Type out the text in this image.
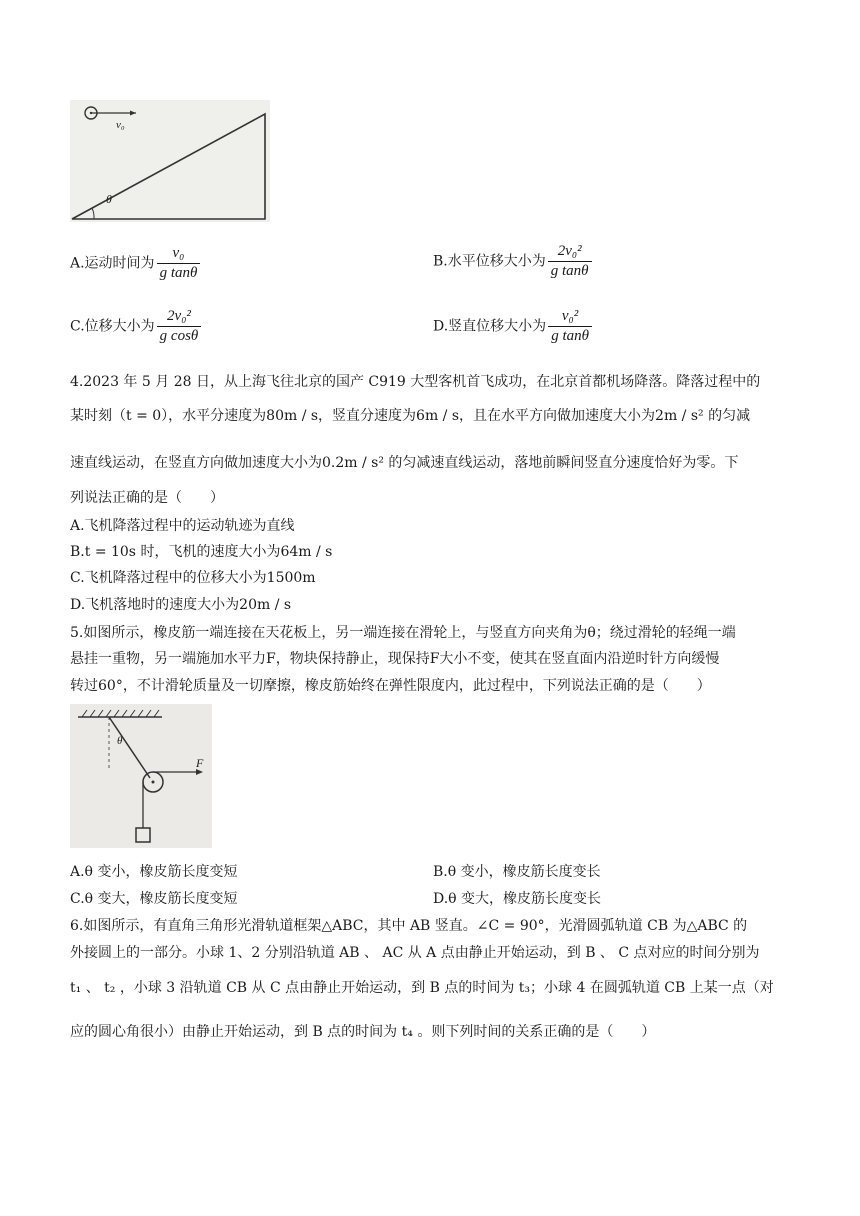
v₀
θ
A.运动时间为 $\frac{\text{v₀}}{\text{g tanθ}}$	B.水平位移大小为 $\frac{\text{2v₀²}}{\text{g tanθ}}$
C.位移大小为 $\frac{\text{2v₀²}}{\text{g cosθ}}$	D.竖直位移大小为 $\frac{\text{v₀²}}{\text{g tanθ}}$
4.2023 年 5 月 28 日，从上海飞往北京的国产 C919 大型客机首飞成功，在北京首都机场降落。降落过程中的
某时刻（t = 0），水平分速度为80m / s，竖直分速度为6m / s，且在水平方向做加速度大小为2m / s² 的匀减
速直线运动，在竖直方向做加速度大小为0.2m / s² 的匀减速直线运动，落地前瞬间竖直分速度恰好为零。下
列说法正确的是（　　）
A.飞机降落过程中的运动轨迹为直线
B.t = 10s 时，飞机的速度大小为64m / s
C.飞机降落过程中的位移大小为1500m
D.飞机落地时的速度大小为20m / s
5.如图所示，橡皮筋一端连接在天花板上，另一端连接在滑轮上，与竖直方向夹角为θ；绕过滑轮的轻绳一端
悬挂一重物，另一端施加水平力F，物块保持静止，现保持F大小不变，使其在竖直面内沿逆时针方向缓慢
转过60°，不计滑轮质量及一切摩擦，橡皮筋始终在弹性限度内，此过程中，下列说法正确的是（　　）
θ
F
A.θ 变小，橡皮筋长度变短	B.θ 变小，橡皮筋长度变长
C.θ 变大，橡皮筋长度变短	D.θ 变大，橡皮筋长度变长
6.如图所示，有直角三角形光滑轨道框架△ABC，其中 AB 竖直。∠C = 90°，光滑圆弧轨道 CB 为△ABC 的
外接圆上的一部分。小球 1、2 分别沿轨道 AB 、 AC 从 A 点由静止开始运动，到 B 、 C 点对应的时间分别为
t₁ 、 t₂ ，小球 3 沿轨道 CB 从 C 点由静止开始运动，到 B 点的时间为 t₃；小球 4 在圆弧轨道 CB 上某一点（对
应的圆心角很小）由静止开始运动，到 B 点的时间为 t₄ 。则下列时间的关系正确的是（　　）
